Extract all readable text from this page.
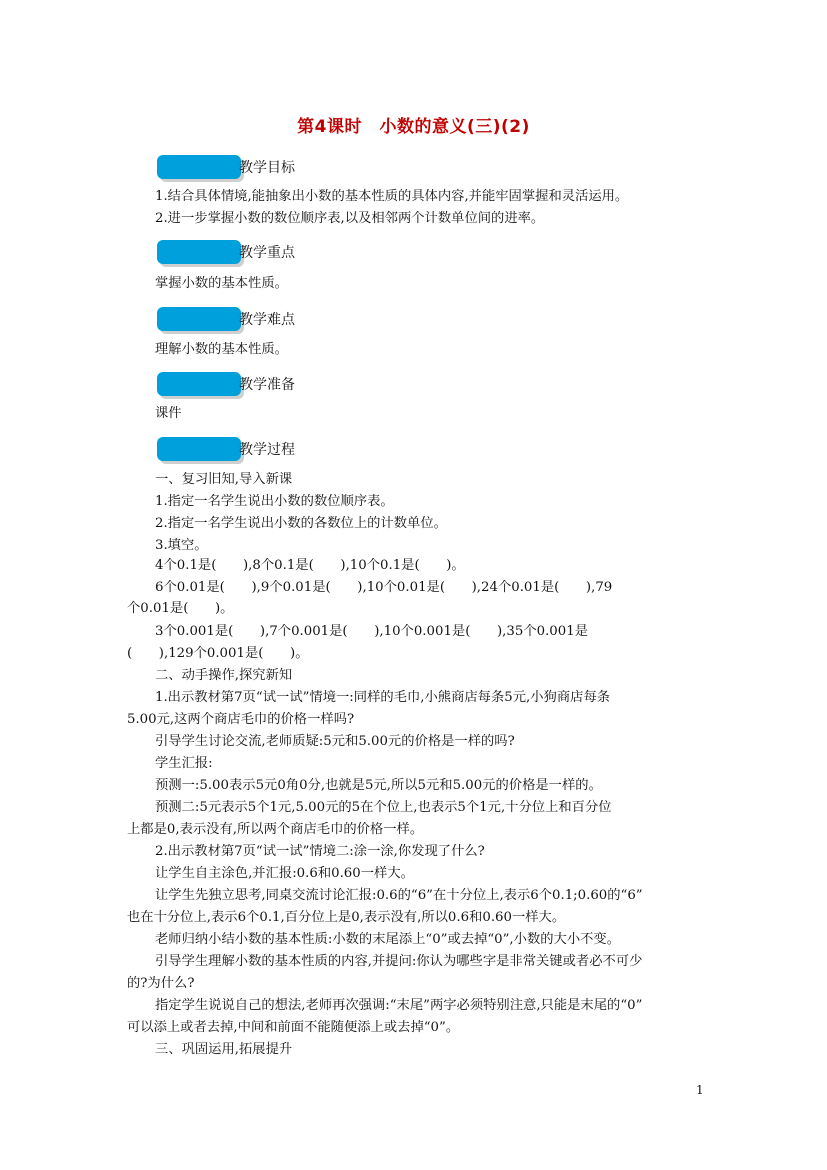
第4课时　小数的意义(三)(2)
教学目标
1.结合具体情境,能抽象出小数的基本性质的具体内容,并能牢固掌握和灵活运用。
2.进一步掌握小数的数位顺序表,以及相邻两个计数单位间的进率。
教学重点
掌握小数的基本性质。
教学难点
理解小数的基本性质。
教学准备
课件
教学过程
一、复习旧知,导入新课
1.指定一名学生说出小数的数位顺序表。
2.指定一名学生说出小数的各数位上的计数单位。
3.填空。
4个0.1是(　　),8个0.1是(　　),10个0.1是(　　)。
6个0.01是(　　),9个0.01是(　　),10个0.01是(　　),24个0.01是(　　),79
个0.01是(　　)。
3个0.001是(　　),7个0.001是(　　),10个0.001是(　　),35个0.001是
(　　),129个0.001是(　　)。
二、动手操作,探究新知
1.出示教材第7页“试一试”情境一:同样的毛巾,小熊商店每条5元,小狗商店每条
5.00元,这两个商店毛巾的价格一样吗?
引导学生讨论交流,老师质疑:5元和5.00元的价格是一样的吗?
学生汇报:
预测一:5.00表示5元0角0分,也就是5元,所以5元和5.00元的价格是一样的。
预测二:5元表示5个1元,5.00元的5在个位上,也表示5个1元,十分位上和百分位
上都是0,表示没有,所以两个商店毛巾的价格一样。
2.出示教材第7页“试一试”情境二:涂一涂,你发现了什么?
让学生自主涂色,并汇报:0.6和0.60一样大。
让学生先独立思考,同桌交流讨论汇报:0.6的“6”在十分位上,表示6个0.1;0.60的“6”
也在十分位上,表示6个0.1,百分位上是0,表示没有,所以0.6和0.60一样大。
老师归纳小结小数的基本性质:小数的末尾添上“0”或去掉“0”,小数的大小不变。
引导学生理解小数的基本性质的内容,并提问:你认为哪些字是非常关键或者必不可少
的?为什么?
指定学生说说自己的想法,老师再次强调:“末尾”两字必须特别注意,只能是末尾的“0”
可以添上或者去掉,中间和前面不能随便添上或去掉“0”。
三、巩固运用,拓展提升
1
